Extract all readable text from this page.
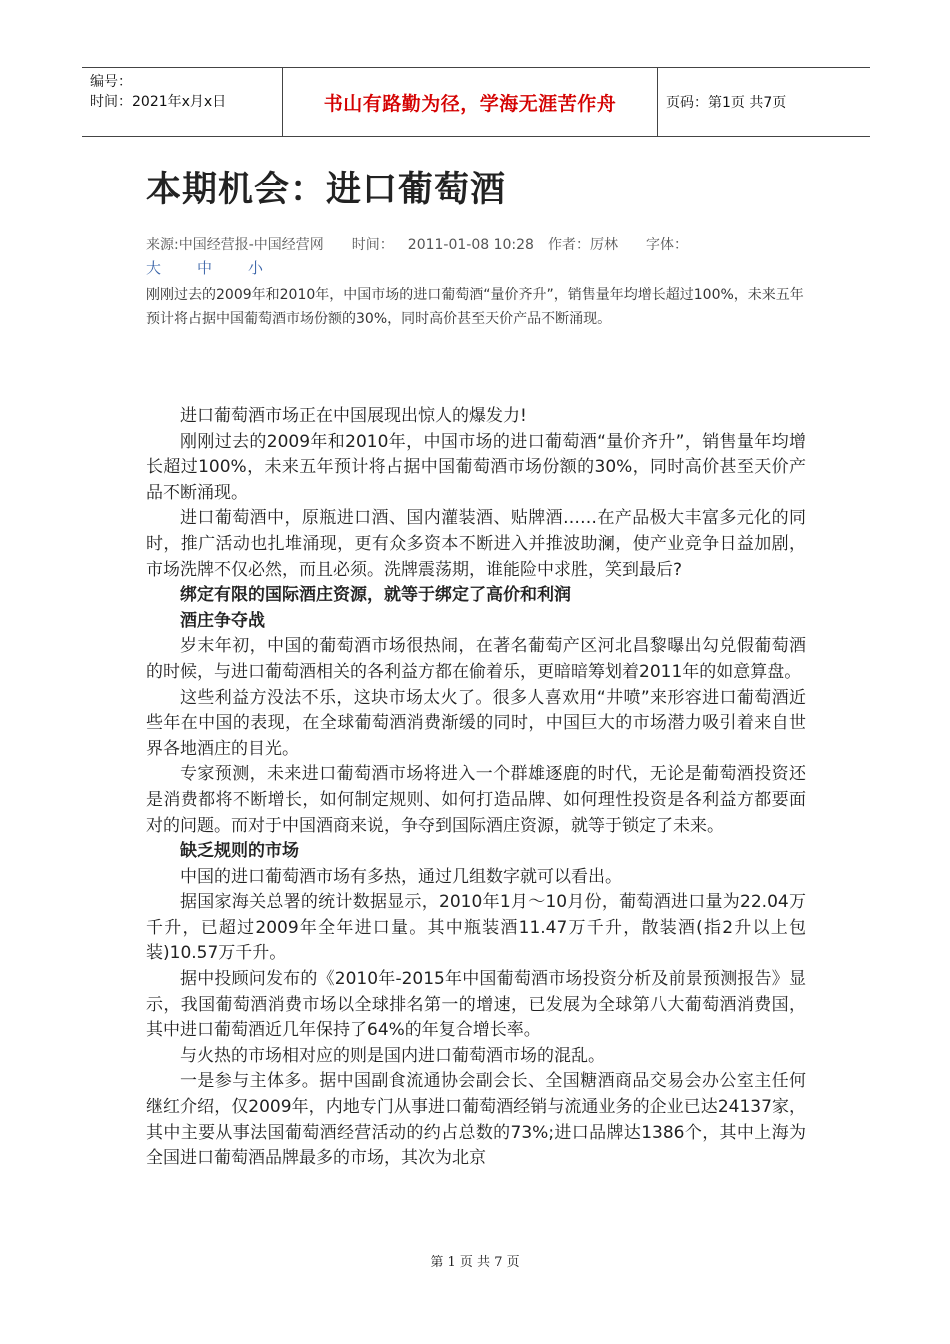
编号：
时间：2021年x月x日	书山有路勤为径，学海无涯苦作舟	页码：第1页 共7页
本期机会：进口葡萄酒
来源:中国经营报-中国经营网 时间： 2011-01-08 10:28 作者：厉林 字体：
大 中 小

刚刚过去的2009年和2010年，中国市场的进口葡萄酒“量价齐升”，销售量年均增长超过100%，未来五年预计将占据中国葡萄酒市场份额的30%，同时高价甚至天价产品不断涌现。

进口葡萄酒市场正在中国展现出惊人的爆发力!

刚刚过去的2009年和2010年，中国市场的进口葡萄酒“量价齐升”，销售量年均增长超过100%，未来五年预计将占据中国葡萄酒市场份额的30%，同时高价甚至天价产品不断涌现。

进口葡萄酒中，原瓶进口酒、国内灌装酒、贴牌酒……在产品极大丰富多元化的同时，推广活动也扎堆涌现，更有众多资本不断进入并推波助澜，使产业竞争日益加剧，市场洗牌不仅必然，而且必须。洗牌震荡期，谁能险中求胜，笑到最后?

绑定有限的国际酒庄资源，就等于绑定了高价和利润

酒庄争夺战

岁末年初，中国的葡萄酒市场很热闹，在著名葡萄产区河北昌黎曝出勾兑假葡萄酒的时候，与进口葡萄酒相关的各利益方都在偷着乐，更暗暗筹划着2011年的如意算盘。

这些利益方没法不乐，这块市场太火了。很多人喜欢用“井喷”来形容进口葡萄酒近些年在中国的表现，在全球葡萄酒消费渐缓的同时，中国巨大的市场潜力吸引着来自世界各地酒庄的目光。

专家预测，未来进口葡萄酒市场将进入一个群雄逐鹿的时代，无论是葡萄酒投资还是消费都将不断增长，如何制定规则、如何打造品牌、如何理性投资是各利益方都要面对的问题。而对于中国酒商来说，争夺到国际酒庄资源，就等于锁定了未来。

缺乏规则的市场

中国的进口葡萄酒市场有多热，通过几组数字就可以看出。

据国家海关总署的统计数据显示，2010年1月～10月份，葡萄酒进口量为22.04万千升，已超过2009年全年进口量。其中瓶装酒11.47万千升，散装酒(指2升以上包装)10.57万千升。

据中投顾问发布的《2010年-2015年中国葡萄酒市场投资分析及前景预测报告》显示，我国葡萄酒消费市场以全球排名第一的增速，已发展为全球第八大葡萄酒消费国，其中进口葡萄酒近几年保持了64%的年复合增长率。

与火热的市场相对应的则是国内进口葡萄酒市场的混乱。

一是参与主体多。据中国副食流通协会副会长、全国糖酒商品交易会办公室主任何继红介绍，仅2009年，内地专门从事进口葡萄酒经销与流通业务的企业已达24137家，其中主要从事法国葡萄酒经营活动的约占总数的73%;进口品牌达1386个，其中上海为全国进口葡萄酒品牌最多的市场，其次为北京

第 1 页 共 7 页
